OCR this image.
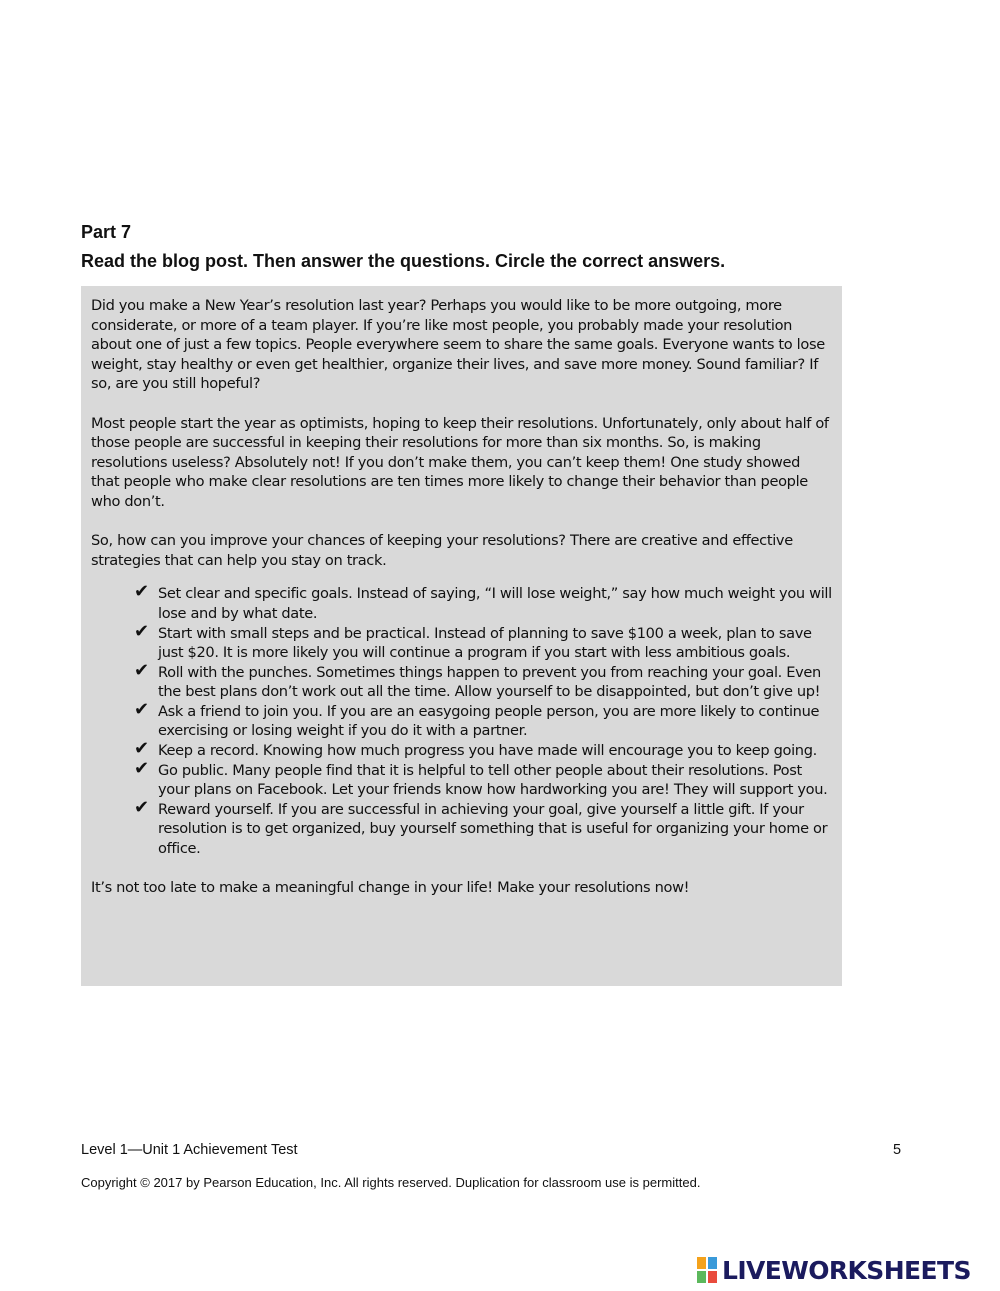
Part 7
Read the blog post. Then answer the questions. Circle the correct answers.

Did you make a New Year’s resolution last year? Perhaps you would like to be more outgoing, more considerate, or more of a team player. If you’re like most people, you probably made your resolution about one of just a few topics. People everywhere seem to share the same goals. Everyone wants to lose weight, stay healthy or even get healthier, organize their lives, and save more money. Sound familiar? If so, are you still hopeful?

Most people start the year as optimists, hoping to keep their resolutions. Unfortunately, only about half of those people are successful in keeping their resolutions for more than six months. So, is making resolutions useless? Absolutely not! If you don’t make them, you can’t keep them! One study showed that people who make clear resolutions are ten times more likely to change their behavior than people who don’t.

So, how can you improve your chances of keeping your resolutions? There are creative and effective strategies that can help you stay on track.

✔ Set clear and specific goals. Instead of saying, “I will lose weight,” say how much weight you will lose and by what date.
✔ Start with small steps and be practical. Instead of planning to save $100 a week, plan to save just $20. It is more likely you will continue a program if you start with less ambitious goals.
✔ Roll with the punches. Sometimes things happen to prevent you from reaching your goal. Even the best plans don’t work out all the time. Allow yourself to be disappointed, but don’t give up!
✔ Ask a friend to join you. If you are an easygoing people person, you are more likely to continue exercising or losing weight if you do it with a partner.
✔ Keep a record. Knowing how much progress you have made will encourage you to keep going.
✔ Go public. Many people find that it is helpful to tell other people about their resolutions. Post your plans on Facebook. Let your friends know how hardworking you are! They will support you.
✔ Reward yourself. If you are successful in achieving your goal, give yourself a little gift. If your resolution is to get organized, buy yourself something that is useful for organizing your home or office.

It’s not too late to make a meaningful change in your life! Make your resolutions now!

Level 1—Unit 1 Achievement Test	5

Copyright © 2017 by Pearson Education, Inc. All rights reserved. Duplication for classroom use is permitted.

LIVEWORKSHEETS
